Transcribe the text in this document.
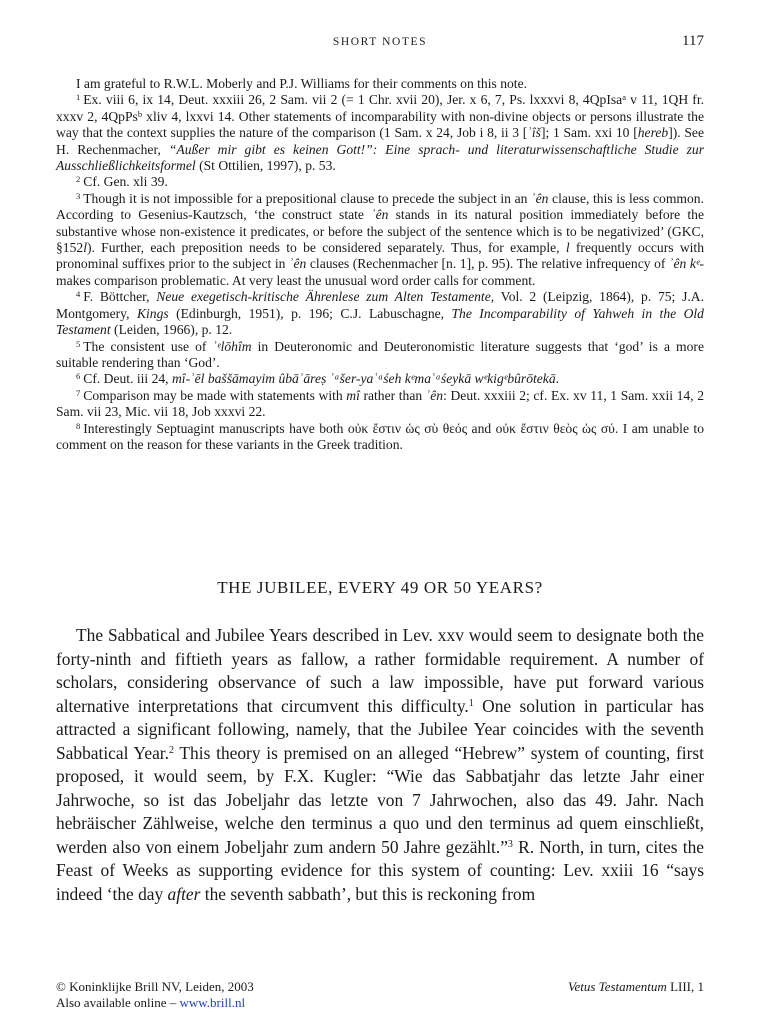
SHORT NOTES	117

I am grateful to R.W.L. Moberly and P.J. Williams for their comments on this note.

$^1$ Ex. viii 6, ix 14, Deut. xxxiii 26, 2 Sam. vii 2 (= 1 Chr. xvii 20), Jer. x 6, 7, Ps. lxxxvi 8, 4QpIsa$^a$ v 11, 1QH fr. xxxv 2, 4QpPs$^b$ xliv 4, lxxvi 14. Other statements of incomparability with non-divine objects or persons illustrate the way that the context supplies the nature of the comparison (1 Sam. x 24, Job i 8, ii 3 [ʾîš]; 1 Sam. xxi 10 [hereb]). See H. Rechenmacher, “Außer mir gibt es keinen Gott!”: Eine sprach- und literaturwissenschaftliche Studie zur Ausschließlichkeitsformel (St Ottilien, 1997), p. 53.

$^2$ Cf. Gen. xli 39.

$^3$ Though it is not impossible for a prepositional clause to precede the subject in an ʾên clause, this is less common. According to Gesenius-Kautzsch, ‘the construct state ʾên stands in its natural position immediately before the substantive whose non-existence it predicates, or before the subject of the sentence which is to be negativized’ (GKC, §152l). Further, each preposition needs to be considered separately. Thus, for example, l frequently occurs with pronominal suffixes prior to the subject in ʾên clauses (Rechenmacher [n. 1], p. 95). The relative infrequency of ʾên kᵉ- makes comparison problematic. At very least the unusual word order calls for comment.

$^4$ F. Böttcher, Neue exegetisch-kritische Ährenlese zum Alten Testamente, Vol. 2 (Leipzig, 1864), p. 75; J.A. Montgomery, Kings (Edinburgh, 1951), p. 196; C.J. Labuschagne, The Incomparability of Yahweh in the Old Testament (Leiden, 1966), p. 12.

$^5$ The consistent use of ʾᵉlōhîm in Deuteronomic and Deuteronomistic literature suggests that ‘god’ is a more suitable rendering than ‘God’.

$^6$ Cf. Deut. iii 24, mî-ʾēl baššāmayim ûbāʾāreṣ ʾᵃšer-yaʿᵃśeh kᵉmaʿᵃśeykā wᵉkigᵉbûrōtekā.

$^7$ Comparison may be made with statements with mî rather than ʾên: Deut. xxxiii 2; cf. Ex. xv 11, 1 Sam. xxii 14, 2 Sam. vii 23, Mic. vii 18, Job xxxvi 22.

$^8$ Interestingly Septuagint manuscripts have both οὐκ ἔστιν ὡς σὺ θεός and οὐκ ἔστιν θεὸς ὡς σύ. I am unable to comment on the reason for these variants in the Greek tradition.

THE JUBILEE, EVERY 49 OR 50 YEARS?

The Sabbatical and Jubilee Years described in Lev. xxv would seem to designate both the forty-ninth and fiftieth years as fallow, a rather formidable requirement. A number of scholars, considering observance of such a law impossible, have put forward various alternative interpretations that circumvent this difficulty.$^1$ One solution in particular has attracted a significant following, namely, that the Jubilee Year coincides with the seventh Sabbatical Year.$^2$ This theory is premised on an alleged “Hebrew” system of counting, first proposed, it would seem, by F.X. Kugler: “Wie das Sabbatjahr das letzte Jahr einer Jahrwoche, so ist das Jobeljahr das letzte von 7 Jahrwochen, also das 49. Jahr. Nach hebräischer Zählweise, welche den terminus a quo und den terminus ad quem einschließt, werden also von einem Jobeljahr zum andern 50 Jahre gezählt.”$^3$ R. North, in turn, cites the Feast of Weeks as supporting evidence for this system of counting: Lev. xxiii 16 “says indeed ‘the day after the seventh sabbath’, but this is reckoning from

© Koninklijke Brill NV, Leiden, 2003
Also available online – www.brill.nl
Vetus Testamentum LIII, 1
